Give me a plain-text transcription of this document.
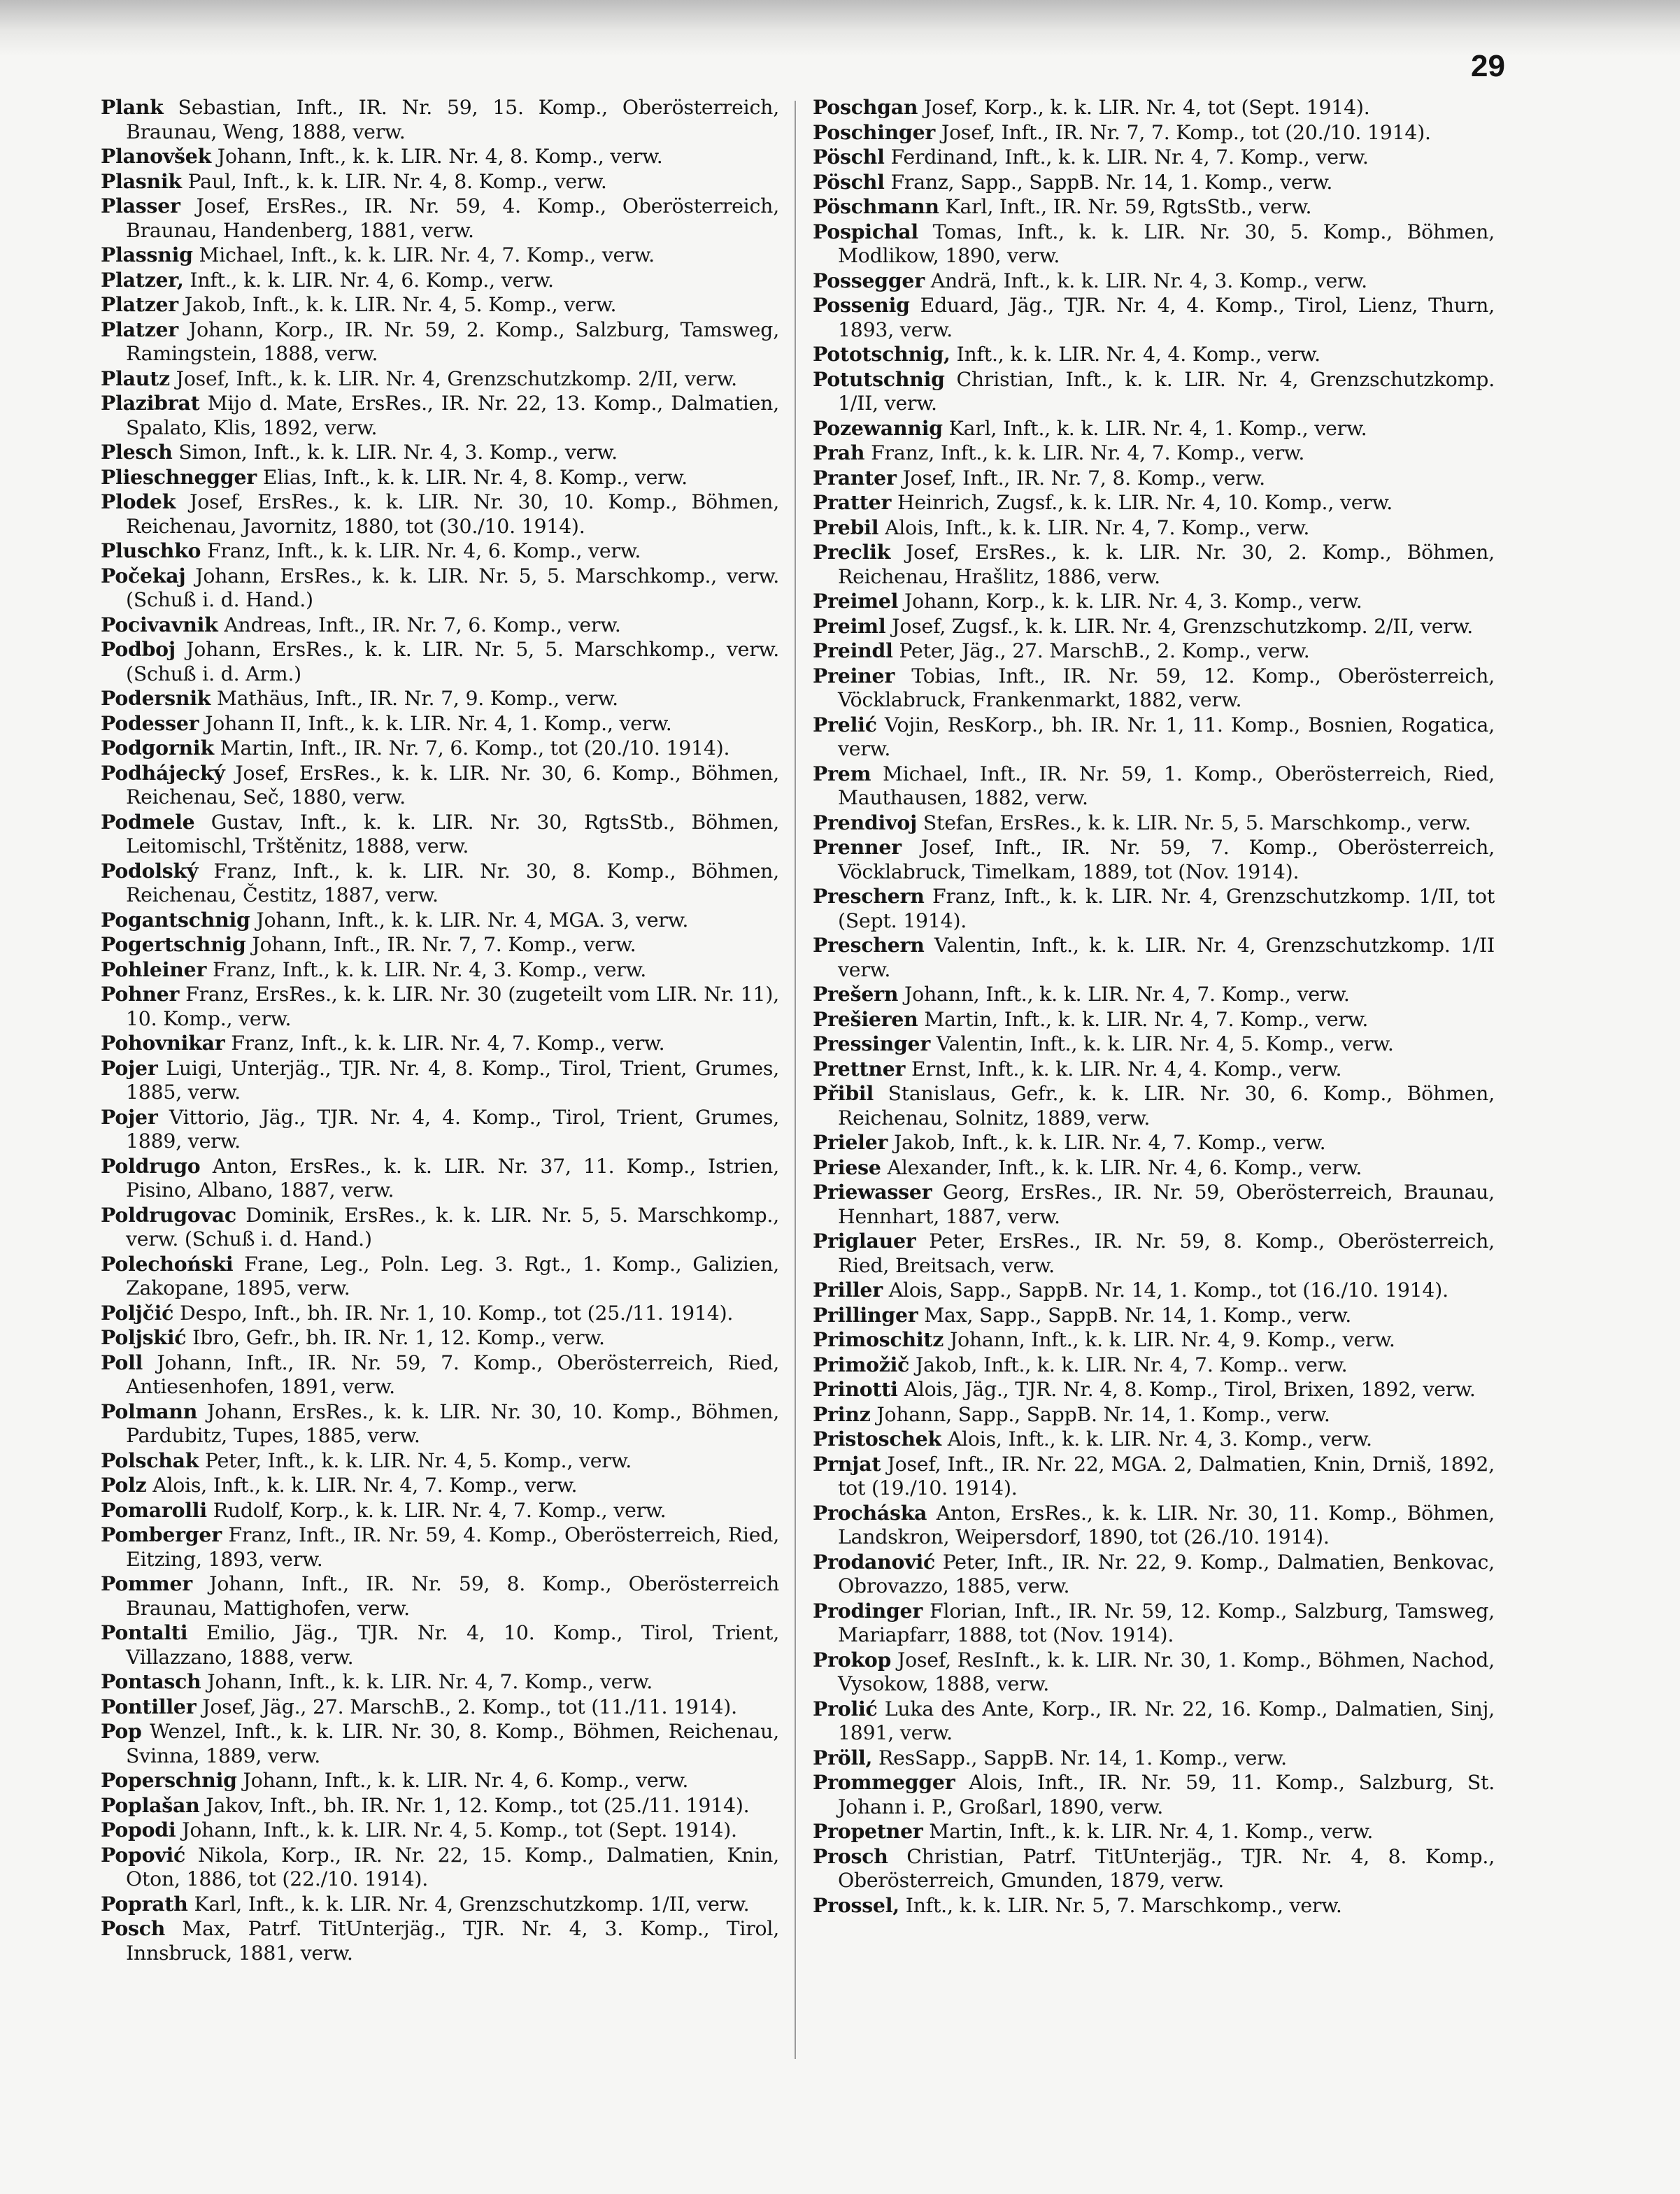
29

Plank Sebastian, Inft., IR. Nr. 59, 15. Komp., Oberösterreich, Braunau, Weng, 1888, verw.

Planovšek Johann, Inft., k. k. LIR. Nr. 4, 8. Komp., verw.

Plasnik Paul, Inft., k. k. LIR. Nr. 4, 8. Komp., verw.

Plasser Josef, ErsRes., IR. Nr. 59, 4. Komp., Oberösterreich, Braunau, Handenberg, 1881, verw.

Plassnig Michael, Inft., k. k. LIR. Nr. 4, 7. Komp., verw.

Platzer, Inft., k. k. LIR. Nr. 4, 6. Komp., verw.

Platzer Jakob, Inft., k. k. LIR. Nr. 4, 5. Komp., verw.

Platzer Johann, Korp., IR. Nr. 59, 2. Komp., Salzburg, Tamsweg, Ramingstein, 1888, verw.

Plautz Josef, Inft., k. k. LIR. Nr. 4, Grenzschutzkomp. 2/II, verw.

Plazibrat Mijo d. Mate, ErsRes., IR. Nr. 22, 13. Komp., Dalmatien, Spalato, Klis, 1892, verw.

Plesch Simon, Inft., k. k. LIR. Nr. 4, 3. Komp., verw.

Plieschnegger Elias, Inft., k. k. LIR. Nr. 4, 8. Komp., verw.

Plodek Josef, ErsRes., k. k. LIR. Nr. 30, 10. Komp., Böhmen, Reichenau, Javornitz, 1880, tot (30./10. 1914).

Pluschko Franz, Inft., k. k. LIR. Nr. 4, 6. Komp., verw.

Počekaj Johann, ErsRes., k. k. LIR. Nr. 5, 5. Marschkomp., verw. (Schuß i. d. Hand.)

Pocivavnik Andreas, Inft., IR. Nr. 7, 6. Komp., verw.

Podboj Johann, ErsRes., k. k. LIR. Nr. 5, 5. Marschkomp., verw. (Schuß i. d. Arm.)

Podersnik Mathäus, Inft., IR. Nr. 7, 9. Komp., verw.

Podesser Johann II, Inft., k. k. LIR. Nr. 4, 1. Komp., verw.

Podgornik Martin, Inft., IR. Nr. 7, 6. Komp., tot (20./10. 1914).

Podhájecký Josef, ErsRes., k. k. LIR. Nr. 30, 6. Komp., Böhmen, Reichenau, Seč, 1880, verw.

Podmele Gustav, Inft., k. k. LIR. Nr. 30, RgtsStb., Böhmen, Leitomischl, Trštěnitz, 1888, verw.

Podolský Franz, Inft., k. k. LIR. Nr. 30, 8. Komp., Böhmen, Reichenau, Čestitz, 1887, verw.

Pogantschnig Johann, Inft., k. k. LIR. Nr. 4, MGA. 3, verw.

Pogertschnig Johann, Inft., IR. Nr. 7, 7. Komp., verw.

Pohleiner Franz, Inft., k. k. LIR. Nr. 4, 3. Komp., verw.

Pohner Franz, ErsRes., k. k. LIR. Nr. 30 (zugeteilt vom LIR. Nr. 11), 10. Komp., verw.

Pohovnikar Franz, Inft., k. k. LIR. Nr. 4, 7. Komp., verw.

Pojer Luigi, Unterjäg., TJR. Nr. 4, 8. Komp., Tirol, Trient, Grumes, 1885, verw.

Pojer Vittorio, Jäg., TJR. Nr. 4, 4. Komp., Tirol, Trient, Grumes, 1889, verw.

Poldrugo Anton, ErsRes., k. k. LIR. Nr. 37, 11. Komp., Istrien, Pisino, Albano, 1887, verw.

Poldrugovac Dominik, ErsRes., k. k. LIR. Nr. 5, 5. Marschkomp., verw. (Schuß i. d. Hand.)

Polechoński Frane, Leg., Poln. Leg. 3. Rgt., 1. Komp., Galizien, Zakopane, 1895, verw.

Poljčić Despo, Inft., bh. IR. Nr. 1, 10. Komp., tot (25./11. 1914).

Poljskić Ibro, Gefr., bh. IR. Nr. 1, 12. Komp., verw.

Poll Johann, Inft., IR. Nr. 59, 7. Komp., Oberösterreich, Ried, Antiesenhofen, 1891, verw.

Polmann Johann, ErsRes., k. k. LIR. Nr. 30, 10. Komp., Böhmen, Pardubitz, Tupes, 1885, verw.

Polschak Peter, Inft., k. k. LIR. Nr. 4, 5. Komp., verw.

Polz Alois, Inft., k. k. LIR. Nr. 4, 7. Komp., verw.

Pomarolli Rudolf, Korp., k. k. LIR. Nr. 4, 7. Komp., verw.

Pomberger Franz, Inft., IR. Nr. 59, 4. Komp., Oberösterreich, Ried, Eitzing, 1893, verw.

Pommer Johann, Inft., IR. Nr. 59, 8. Komp., Oberösterreich Braunau, Mattighofen, verw.

Pontalti Emilio, Jäg., TJR. Nr. 4, 10. Komp., Tirol, Trient, Villazzano, 1888, verw.

Pontasch Johann, Inft., k. k. LIR. Nr. 4, 7. Komp., verw.

Pontiller Josef, Jäg., 27. MarschB., 2. Komp., tot (11./11. 1914).

Pop Wenzel, Inft., k. k. LIR. Nr. 30, 8. Komp., Böhmen, Reichenau, Svinna, 1889, verw.

Poperschnig Johann, Inft., k. k. LIR. Nr. 4, 6. Komp., verw.

Poplašan Jakov, Inft., bh. IR. Nr. 1, 12. Komp., tot (25./11. 1914).

Popodi Johann, Inft., k. k. LIR. Nr. 4, 5. Komp., tot (Sept. 1914).

Popović Nikola, Korp., IR. Nr. 22, 15. Komp., Dalmatien, Knin, Oton, 1886, tot (22./10. 1914).

Poprath Karl, Inft., k. k. LIR. Nr. 4, Grenzschutzkomp. 1/II, verw.

Posch Max, Patrf. TitUnterjäg., TJR. Nr. 4, 3. Komp., Tirol, Innsbruck, 1881, verw.

Poschgan Josef, Korp., k. k. LIR. Nr. 4, tot (Sept. 1914).

Poschinger Josef, Inft., IR. Nr. 7, 7. Komp., tot (20./10. 1914).

Pöschl Ferdinand, Inft., k. k. LIR. Nr. 4, 7. Komp., verw.

Pöschl Franz, Sapp., SappB. Nr. 14, 1. Komp., verw.

Pöschmann Karl, Inft., IR. Nr. 59, RgtsStb., verw.

Pospichal Tomas, Inft., k. k. LIR. Nr. 30, 5. Komp., Böhmen, Modlikow, 1890, verw.

Possegger Andrä, Inft., k. k. LIR. Nr. 4, 3. Komp., verw.

Possenig Eduard, Jäg., TJR. Nr. 4, 4. Komp., Tirol, Lienz, Thurn, 1893, verw.

Pototschnig, Inft., k. k. LIR. Nr. 4, 4. Komp., verw.

Potutschnig Christian, Inft., k. k. LIR. Nr. 4, Grenzschutzkomp. 1/II, verw.

Pozewannig Karl, Inft., k. k. LIR. Nr. 4, 1. Komp., verw.

Prah Franz, Inft., k. k. LIR. Nr. 4, 7. Komp., verw.

Pranter Josef, Inft., IR. Nr. 7, 8. Komp., verw.

Pratter Heinrich, Zugsf., k. k. LIR. Nr. 4, 10. Komp., verw.

Prebil Alois, Inft., k. k. LIR. Nr. 4, 7. Komp., verw.

Preclik Josef, ErsRes., k. k. LIR. Nr. 30, 2. Komp., Böhmen, Reichenau, Hrašlitz, 1886, verw.

Preimel Johann, Korp., k. k. LIR. Nr. 4, 3. Komp., verw.

Preiml Josef, Zugsf., k. k. LIR. Nr. 4, Grenzschutzkomp. 2/II, verw.

Preindl Peter, Jäg., 27. MarschB., 2. Komp., verw.

Preiner Tobias, Inft., IR. Nr. 59, 12. Komp., Oberösterreich, Vöcklabruck, Frankenmarkt, 1882, verw.

Prelić Vojin, ResKorp., bh. IR. Nr. 1, 11. Komp., Bosnien, Rogatica, verw.

Prem Michael, Inft., IR. Nr. 59, 1. Komp., Oberösterreich, Ried, Mauthausen, 1882, verw.

Prendivoj Stefan, ErsRes., k. k. LIR. Nr. 5, 5. Marschkomp., verw.

Prenner Josef, Inft., IR. Nr. 59, 7. Komp., Oberösterreich, Vöcklabruck, Timelkam, 1889, tot (Nov. 1914).

Preschern Franz, Inft., k. k. LIR. Nr. 4, Grenzschutzkomp. 1/II, tot (Sept. 1914).

Preschern Valentin, Inft., k. k. LIR. Nr. 4, Grenzschutzkomp. 1/II verw.

Prešern Johann, Inft., k. k. LIR. Nr. 4, 7. Komp., verw.

Prešieren Martin, Inft., k. k. LIR. Nr. 4, 7. Komp., verw.

Pressinger Valentin, Inft., k. k. LIR. Nr. 4, 5. Komp., verw.

Prettner Ernst, Inft., k. k. LIR. Nr. 4, 4. Komp., verw.

Přibil Stanislaus, Gefr., k. k. LIR. Nr. 30, 6. Komp., Böhmen, Reichenau, Solnitz, 1889, verw.

Prieler Jakob, Inft., k. k. LIR. Nr. 4, 7. Komp., verw.

Priese Alexander, Inft., k. k. LIR. Nr. 4, 6. Komp., verw.

Priewasser Georg, ErsRes., IR. Nr. 59, Oberösterreich, Braunau, Hennhart, 1887, verw.

Priglauer Peter, ErsRes., IR. Nr. 59, 8. Komp., Oberösterreich, Ried, Breitsach, verw.

Priller Alois, Sapp., SappB. Nr. 14, 1. Komp., tot (16./10. 1914).

Prillinger Max, Sapp., SappB. Nr. 14, 1. Komp., verw.

Primoschitz Johann, Inft., k. k. LIR. Nr. 4, 9. Komp., verw.

Primožič Jakob, Inft., k. k. LIR. Nr. 4, 7. Komp.. verw.

Prinotti Alois, Jäg., TJR. Nr. 4, 8. Komp., Tirol, Brixen, 1892, verw.

Prinz Johann, Sapp., SappB. Nr. 14, 1. Komp., verw.

Pristoschek Alois, Inft., k. k. LIR. Nr. 4, 3. Komp., verw.

Prnjat Josef, Inft., IR. Nr. 22, MGA. 2, Dalmatien, Knin, Drniš, 1892, tot (19./10. 1914).

Procháska Anton, ErsRes., k. k. LIR. Nr. 30, 11. Komp., Böhmen, Landskron, Weipersdorf, 1890, tot (26./10. 1914).

Prodanović Peter, Inft., IR. Nr. 22, 9. Komp., Dalmatien, Benkovac, Obrovazzo, 1885, verw.

Prodinger Florian, Inft., IR. Nr. 59, 12. Komp., Salzburg, Tamsweg, Mariapfarr, 1888, tot (Nov. 1914).

Prokop Josef, ResInft., k. k. LIR. Nr. 30, 1. Komp., Böhmen, Nachod, Vysokow, 1888, verw.

Prolić Luka des Ante, Korp., IR. Nr. 22, 16. Komp., Dalmatien, Sinj, 1891, verw.

Pröll, ResSapp., SappB. Nr. 14, 1. Komp., verw.

Prommegger Alois, Inft., IR. Nr. 59, 11. Komp., Salzburg, St. Johann i. P., Großarl, 1890, verw.

Propetner Martin, Inft., k. k. LIR. Nr. 4, 1. Komp., verw.

Prosch Christian, Patrf. TitUnterjäg., TJR. Nr. 4, 8. Komp., Oberösterreich, Gmunden, 1879, verw.

Prossel, Inft., k. k. LIR. Nr. 5, 7. Marschkomp., verw.
